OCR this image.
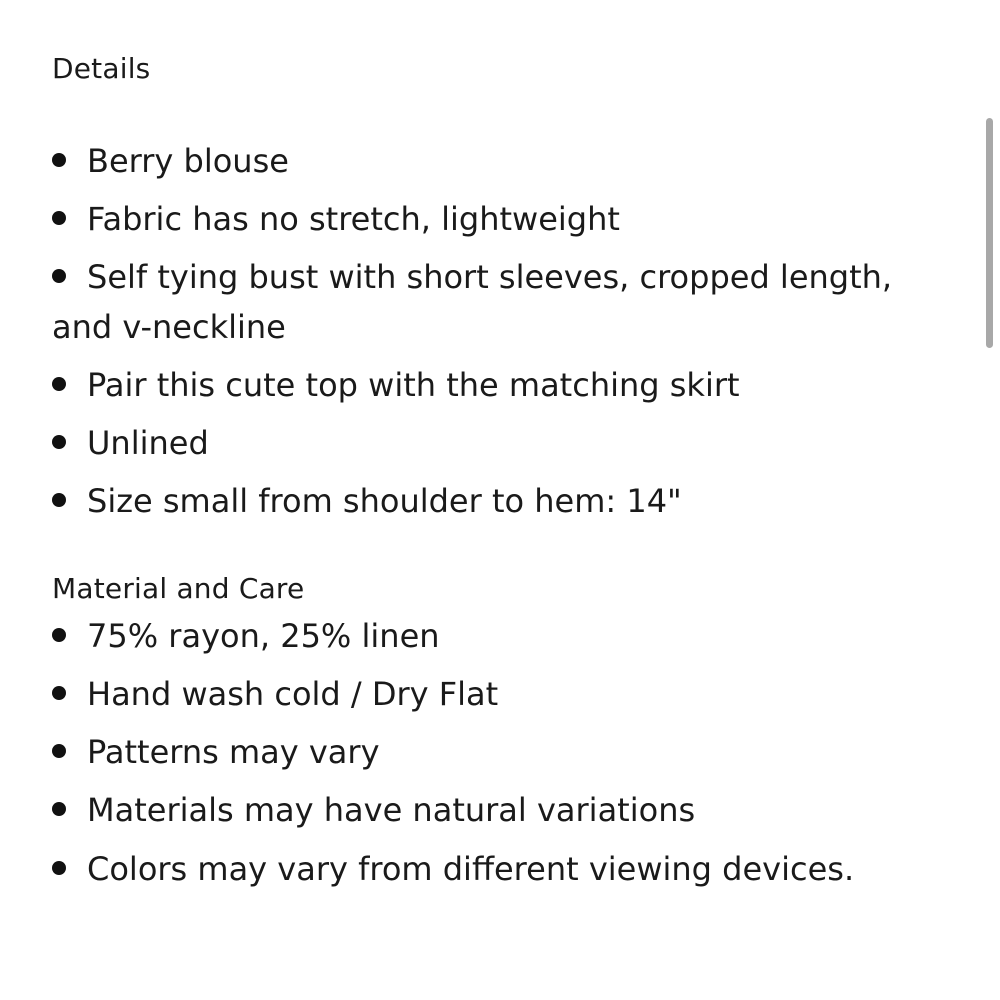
Details
Berry blouse
Fabric has no stretch, lightweight
Self tying bust with short sleeves, cropped length, and v-neckline
Pair this cute top with the matching skirt
Unlined
Size small from shoulder to hem: 14"
Material and Care
75% rayon, 25% linen
Hand wash cold / Dry Flat
Patterns may vary
Materials may have natural variations
Colors may vary from different viewing devices.
